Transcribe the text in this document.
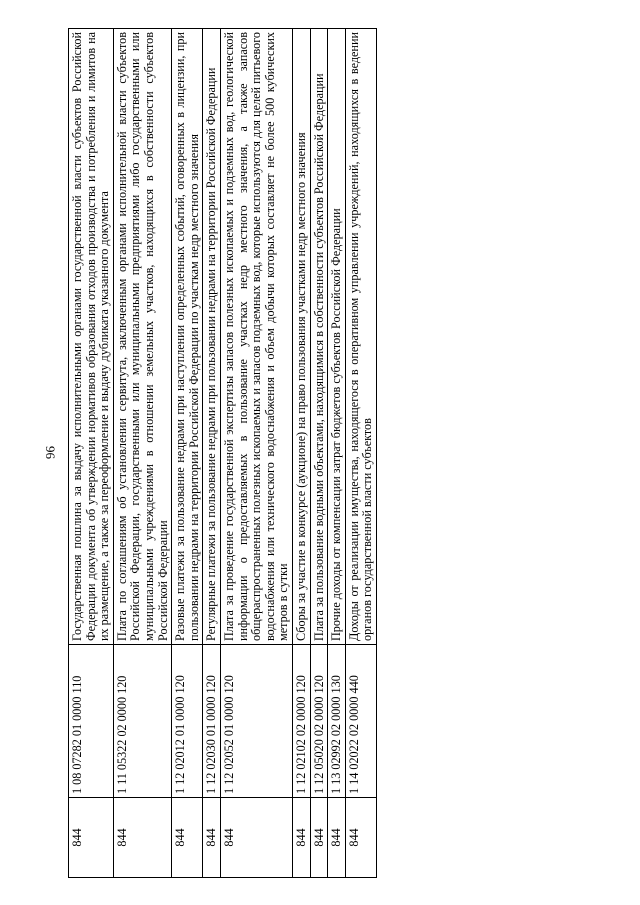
96
844	1 08 07282 01 0000 110	Государственная пошлина за выдачу исполнительными органами государственной власти субъектов Российской Федерации документа об утверждении нормативов образования отходов производства и потребления и лимитов на их размещение, а также за переоформление и выдачу дубликата указанного документа
844	1 11 05322 02 0000 120	Плата по соглашениям об установлении сервитута, заключенным органами исполнительной власти субъектов Российской Федерации, государственными или муниципальными предприятиями либо государственными или муниципальными учреждениями в отношении земельных участков, находящихся в собственности субъектов Российской Федерации
844	1 12 02012 01 0000 120	Разовые платежи за пользование недрами при наступлении определенных событий, оговоренных в лицензии, при пользовании недрами на территории Российской Федерации по участкам недр местного значения
844	1 12 02030 01 0000 120	Регулярные платежи за пользование недрами при пользовании недрами на территории Российской Федерации
844	1 12 02052 01 0000 120	Плата за проведение государственной экспертизы запасов полезных ископаемых и подземных вод, геологической информации о предоставляемых в пользование участках недр местного значения, а также запасов общераспространенных полезных ископаемых и запасов подземных вод, которые используются для целей питьевого водоснабжения или технического водоснабжения и объем добычи которых составляет не более 500 кубических метров в сутки
844	1 12 02102 02 0000 120	Сборы за участие в конкурсе (аукционе) на право пользования участками недр местного значения
844	1 12 05020 02 0000 120	Плата за пользование водными объектами, находящимися в собственности субъектов Российской Федерации
844	1 13 02992 02 0000 130	Прочие доходы от компенсации затрат бюджетов субъектов Российской Федерации
844	1 14 02022 02 0000 440	Доходы от реализации имущества, находящегося в оперативном управлении учреждений, находящихся в ведении органов государственной власти субъектов
